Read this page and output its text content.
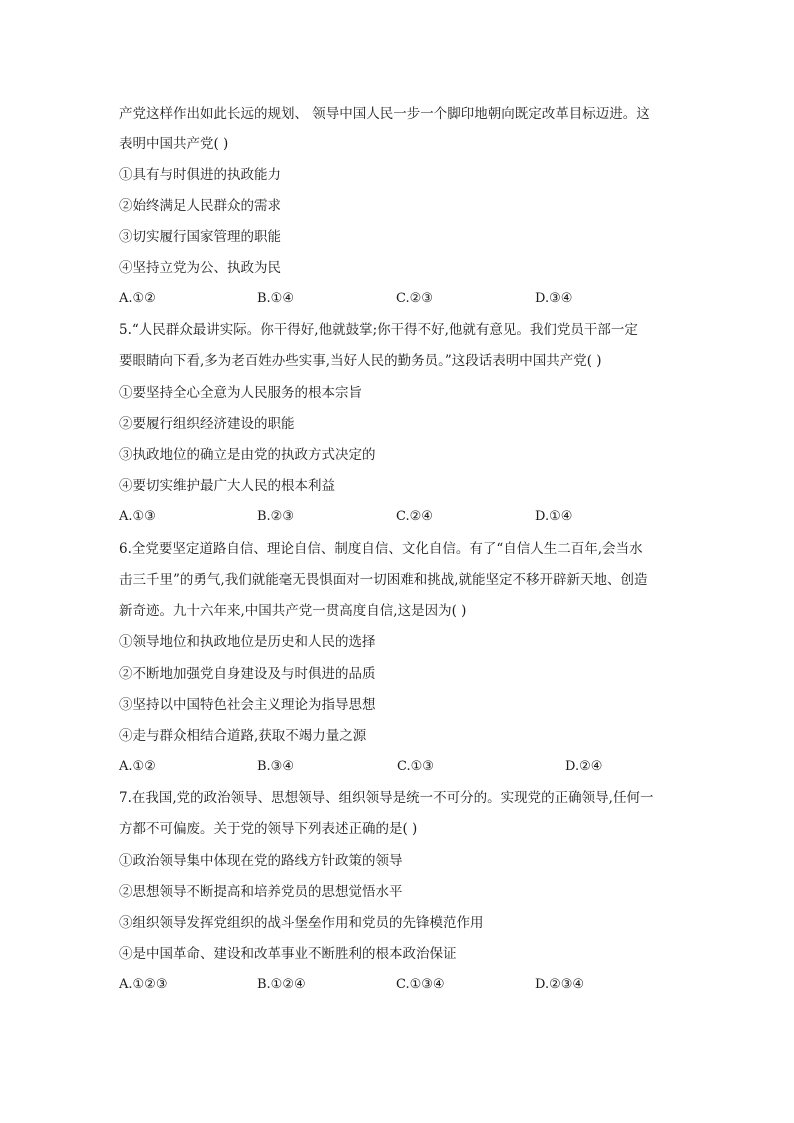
产党这样作出如此长远的规划、 领导中国人民一步一个脚印地朝向既定改革目标迈进。这
表明中国共产党( )
①具有与时俱进的执政能力
②始终满足人民群众的需求
③切实履行国家管理的职能
④坚持立党为公、执政为民
A.①②	B.①④	C.②③	D.③④
5.“人民群众最讲实际。你干得好,他就鼓掌;你干得不好,他就有意见。我们党员干部一定
要眼睛向下看,多为老百姓办些实事,当好人民的勤务员。”这段话表明中国共产党( )
①要坚持全心全意为人民服务的根本宗旨
②要履行组织经济建设的职能
③执政地位的确立是由党的执政方式决定的
④要切实维护最广大人民的根本利益
A.①③	B.②③	C.②④	D.①④
6.全党要坚定道路自信、理论自信、制度自信、文化自信。有了“自信人生二百年,会当水
击三千里”的勇气,我们就能毫无畏惧面对一切困难和挑战,就能坚定不移开辟新天地、创造
新奇迹。九十六年来,中国共产党一贯高度自信,这是因为( )
①领导地位和执政地位是历史和人民的选择
②不断地加强党自身建设及与时俱进的品质
③坚持以中国特色社会主义理论为指导思想
④走与群众相结合道路,获取不竭力量之源
A.①②	B.③④	C.①③	D.②④
7.在我国,党的政治领导、思想领导、组织领导是统一不可分的。实现党的正确领导,任何一
方都不可偏废。关于党的领导下列表述正确的是( )
①政治领导集中体现在党的路线方针政策的领导
②思想领导不断提高和培养党员的思想觉悟水平
③组织领导发挥党组织的战斗堡垒作用和党员的先锋模范作用
④是中国革命、建设和改革事业不断胜利的根本政治保证
A.①②③	B.①②④	C.①③④	D.②③④
